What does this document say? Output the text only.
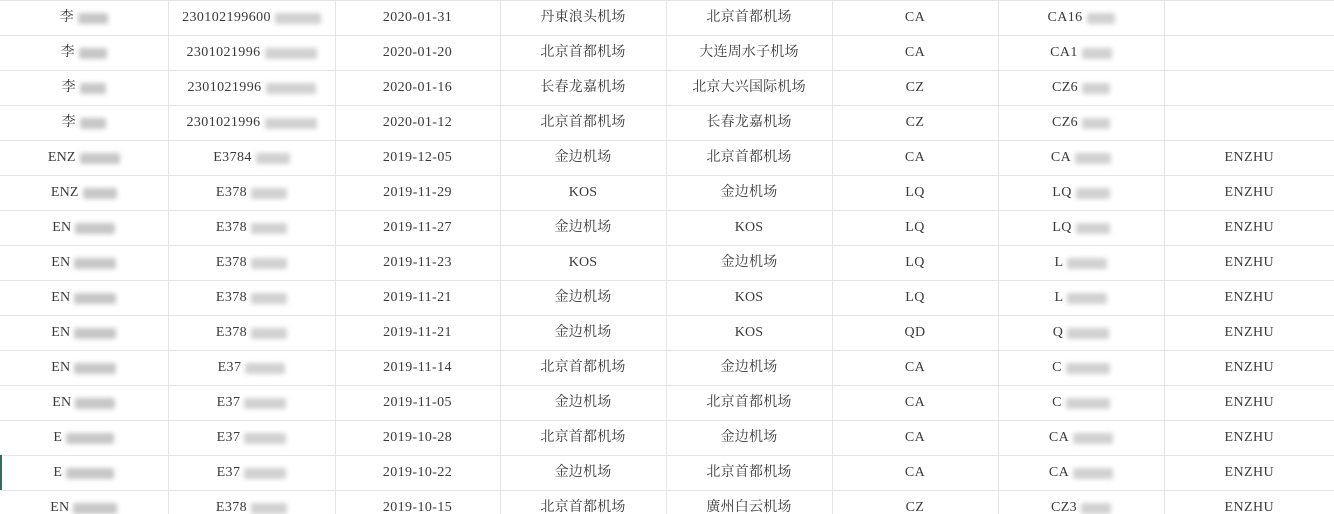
李	230102199600	2020-01-31	丹東浪头机场	北京首都机场	CA	CA16	

李	2301021996	2020-01-20	北京首都机场	大连周水子机场	CA	CA1	

李	2301021996	2020-01-16	长春龙嘉机场	北京大兴国际机场	CZ	CZ6	

李	2301021996	2020-01-12	北京首都机场	长春龙嘉机场	CZ	CZ6	

ENZ	E3784	2019-12-05	金边机场	北京首都机场	CA	CA	ENZHU

ENZ	E378	2019-11-29	KOS	金边机场	LQ	LQ	ENZHU

EN	E378	2019-11-27	金边机场	KOS	LQ	LQ	ENZHU

EN	E378	2019-11-23	KOS	金边机场	LQ	L	ENZHU

EN	E378	2019-11-21	金边机场	KOS	LQ	L	ENZHU

EN	E378	2019-11-21	金边机场	KOS	QD	Q	ENZHU

EN	E37	2019-11-14	北京首都机场	金边机场	CA	C	ENZHU

EN	E37	2019-11-05	金边机场	北京首都机场	CA	C	ENZHU

E	E37	2019-10-28	北京首都机场	金边机场	CA	CA	ENZHU

E	E37	2019-10-22	金边机场	北京首都机场	CA	CA	ENZHU

EN	E378	2019-10-15	北京首都机场	廣州白云机场	CZ	CZ3	ENZHU
